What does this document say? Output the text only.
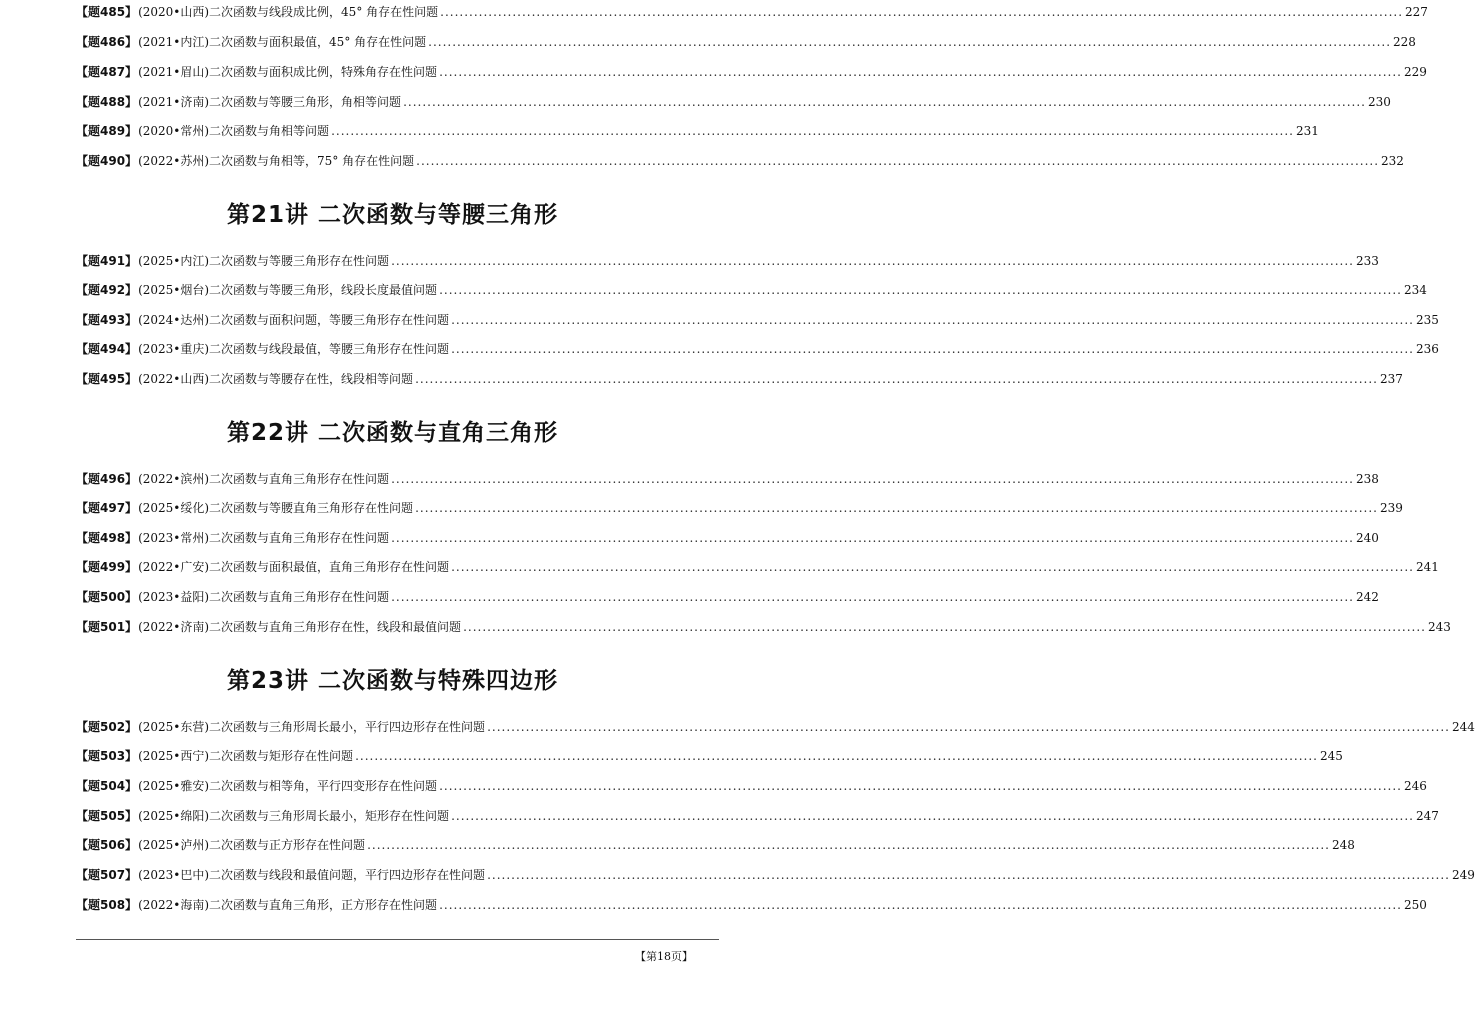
【题485】 (2020•山西) 二次函数与线段成比例，45° 角存在性问题 ........................................................................................................................................................................................................ 227
【题486】 (2021•内江) 二次函数与面积最值，45° 角存在性问题 ........................................................................................................................................................................................................ 228
【题487】 (2021•眉山) 二次函数与面积成比例，特殊角存在性问题 ........................................................................................................................................................................................................ 229
【题488】 (2021•济南) 二次函数与等腰三角形，角相等问题 ........................................................................................................................................................................................................ 230
【题489】 (2020•常州) 二次函数与角相等问题 ........................................................................................................................................................................................................ 231
【题490】 (2022•苏州) 二次函数与角相等，75° 角存在性问题 ........................................................................................................................................................................................................ 232
第21讲 二次函数与等腰三角形
【题491】 (2025•内江) 二次函数与等腰三角形存在性问题 ........................................................................................................................................................................................................ 233
【题492】 (2025•烟台) 二次函数与等腰三角形，线段长度最值问题 ........................................................................................................................................................................................................ 234
【题493】 (2024•达州) 二次函数与面积问题，等腰三角形存在性问题 ........................................................................................................................................................................................................ 235
【题494】 (2023•重庆) 二次函数与线段最值，等腰三角形存在性问题 ........................................................................................................................................................................................................ 236
【题495】 (2022•山西) 二次函数与等腰存在性，线段相等问题 ........................................................................................................................................................................................................ 237
第22讲 二次函数与直角三角形
【题496】 (2022•滨州) 二次函数与直角三角形存在性问题 ........................................................................................................................................................................................................ 238
【题497】 (2025•绥化) 二次函数与等腰直角三角形存在性问题 ........................................................................................................................................................................................................ 239
【题498】 (2023•常州) 二次函数与直角三角形存在性问题 ........................................................................................................................................................................................................ 240
【题499】 (2022•广安) 二次函数与面积最值，直角三角形存在性问题 ........................................................................................................................................................................................................ 241
【题500】 (2023•益阳) 二次函数与直角三角形存在性问题 ........................................................................................................................................................................................................ 242
【题501】 (2022•济南) 二次函数与直角三角形存在性，线段和最值问题 ........................................................................................................................................................................................................ 243
第23讲 二次函数与特殊四边形
【题502】 (2025•东营) 二次函数与三角形周长最小，平行四边形存在性问题 ........................................................................................................................................................................................................ 244
【题503】 (2025•西宁) 二次函数与矩形存在性问题 ........................................................................................................................................................................................................ 245
【题504】 (2025•雅安) 二次函数与相等角，平行四变形存在性问题 ........................................................................................................................................................................................................ 246
【题505】 (2025•绵阳) 二次函数与三角形周长最小，矩形存在性问题 ........................................................................................................................................................................................................ 247
【题506】 (2025•泸州) 二次函数与正方形存在性问题 ........................................................................................................................................................................................................ 248
【题507】 (2023•巴中) 二次函数与线段和最值问题，平行四边形存在性问题 ........................................................................................................................................................................................................ 249
【题508】 (2022•海南) 二次函数与直角三角形，正方形存在性问题 ........................................................................................................................................................................................................ 250
【第18页】
